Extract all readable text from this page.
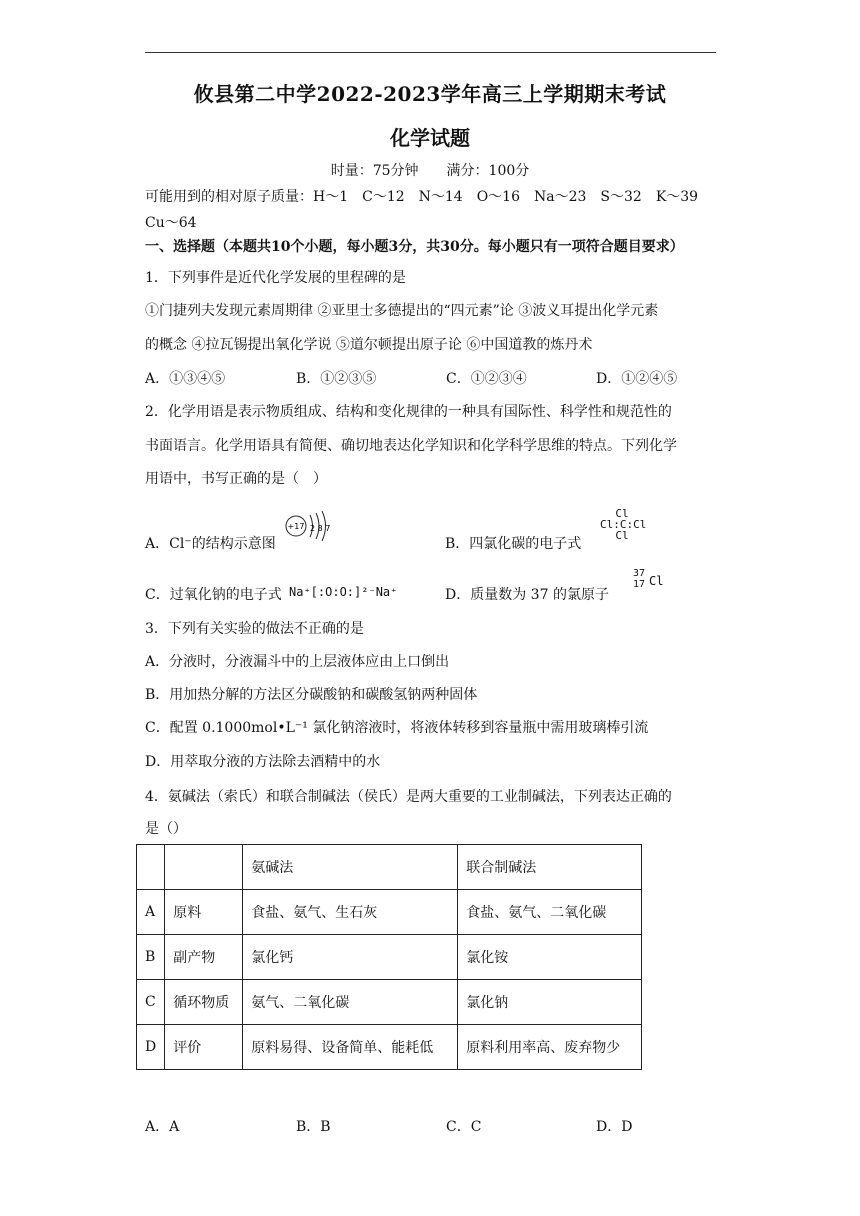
攸县第二中学2022-2023学年高三上学期期末考试
化学试题
时量：75分钟　　满分：100分
可能用到的相对原子质量：H～1　C～12　N～14　O～16　Na～23　S～32　K～39
Cu～64
一、选择题（本题共10个小题，每小题3分，共30分。每小题只有一项符合题目要求）
1．下列事件是近代化学发展的里程碑的是
①门捷列夫发现元素周期律 ②亚里士多德提出的“四元素”论 ③波义耳提出化学元素
的概念 ④拉瓦锡提出氧化学说 ⑤道尔顿提出原子论 ⑥中国道教的炼丹术
A．①③④⑤	B．①②③⑤	C．①②③④	D．①②④⑤
2．化学用语是表示物质组成、结构和变化规律的一种具有国际性、科学性和规范性的
书面语言。化学用语具有简便、确切地表达化学知识和化学科学思维的特点。下列化学
用语中，书写正确的是（　）
A．Cl⁻的结构示意图
+17 2 8 7
B．四氯化碳的电子式
Cl
Cl:C:Cl
Cl
C．过氧化钠的电子式 Na⁺[:O:O:]²⁻Na⁺	D．质量数为 37 的氯原子
37
17 Cl
3．下列有关实验的做法不正确的是
A．分液时，分液漏斗中的上层液体应由上口倒出
B．用加热分解的方法区分碳酸钠和碳酸氢钠两种固体
C．配置 0.1000mol•L⁻¹ 氯化钠溶液时，将液体转移到容量瓶中需用玻璃棒引流
D．用萃取分液的方法除去酒精中的水
4．氨碱法（索氏）和联合制碱法（侯氏）是两大重要的工业制碱法，下列表达正确的
是（）
		氨碱法	联合制碱法
A	原料	食盐、氨气、生石灰	食盐、氨气、二氧化碳
B	副产物	氯化钙	氯化铵
C	循环物质	氨气、二氧化碳	氯化钠
D	评价	原料易得、设备简单、能耗低	原料利用率高、废弃物少
A．A	B．B	C．C	D．D
